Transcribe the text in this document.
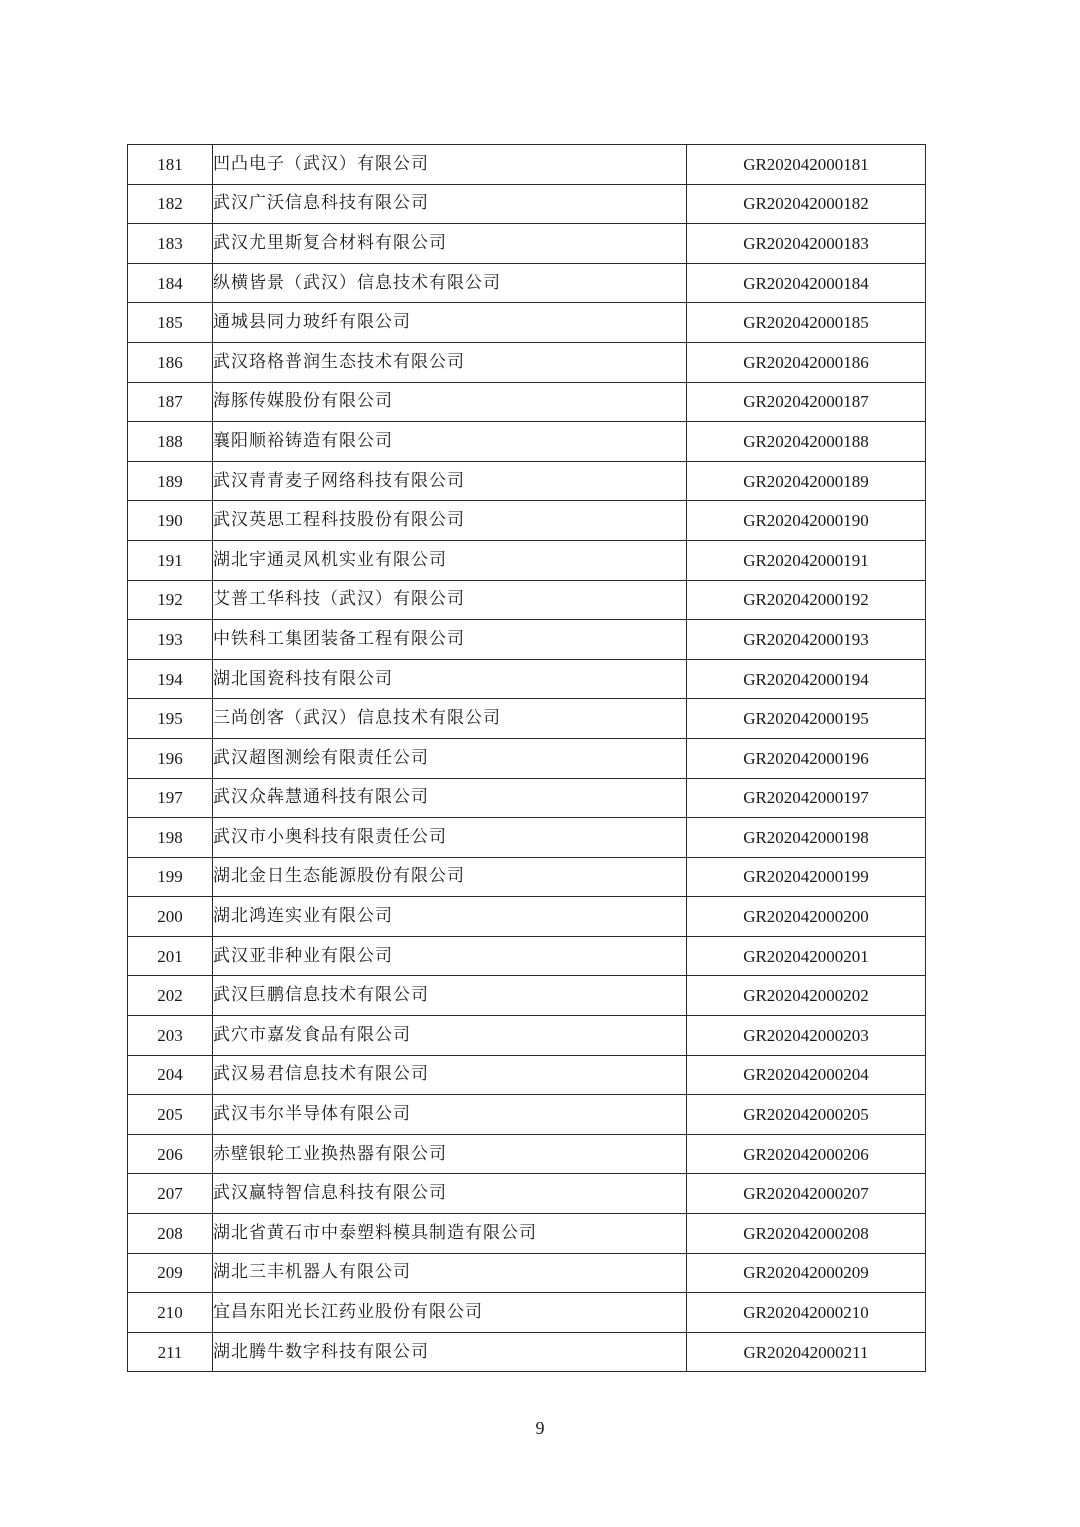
181	凹凸电子（武汉）有限公司	GR202042000181
182	武汉广沃信息科技有限公司	GR202042000182
183	武汉尤里斯复合材料有限公司	GR202042000183
184	纵横皆景（武汉）信息技术有限公司	GR202042000184
185	通城县同力玻纤有限公司	GR202042000185
186	武汉珞格普润生态技术有限公司	GR202042000186
187	海豚传媒股份有限公司	GR202042000187
188	襄阳顺裕铸造有限公司	GR202042000188
189	武汉青青麦子网络科技有限公司	GR202042000189
190	武汉英思工程科技股份有限公司	GR202042000190
191	湖北宇通灵风机实业有限公司	GR202042000191
192	艾普工华科技（武汉）有限公司	GR202042000192
193	中铁科工集团装备工程有限公司	GR202042000193
194	湖北国瓷科技有限公司	GR202042000194
195	三尚创客（武汉）信息技术有限公司	GR202042000195
196	武汉超图测绘有限责任公司	GR202042000196
197	武汉众犇慧通科技有限公司	GR202042000197
198	武汉市小奥科技有限责任公司	GR202042000198
199	湖北金日生态能源股份有限公司	GR202042000199
200	湖北鸿连实业有限公司	GR202042000200
201	武汉亚非种业有限公司	GR202042000201
202	武汉巨鹏信息技术有限公司	GR202042000202
203	武穴市嘉发食品有限公司	GR202042000203
204	武汉易君信息技术有限公司	GR202042000204
205	武汉韦尔半导体有限公司	GR202042000205
206	赤壁银轮工业换热器有限公司	GR202042000206
207	武汉赢特智信息科技有限公司	GR202042000207
208	湖北省黄石市中泰塑料模具制造有限公司	GR202042000208
209	湖北三丰机器人有限公司	GR202042000209
210	宜昌东阳光长江药业股份有限公司	GR202042000210
211	湖北腾牛数字科技有限公司	GR202042000211
9
